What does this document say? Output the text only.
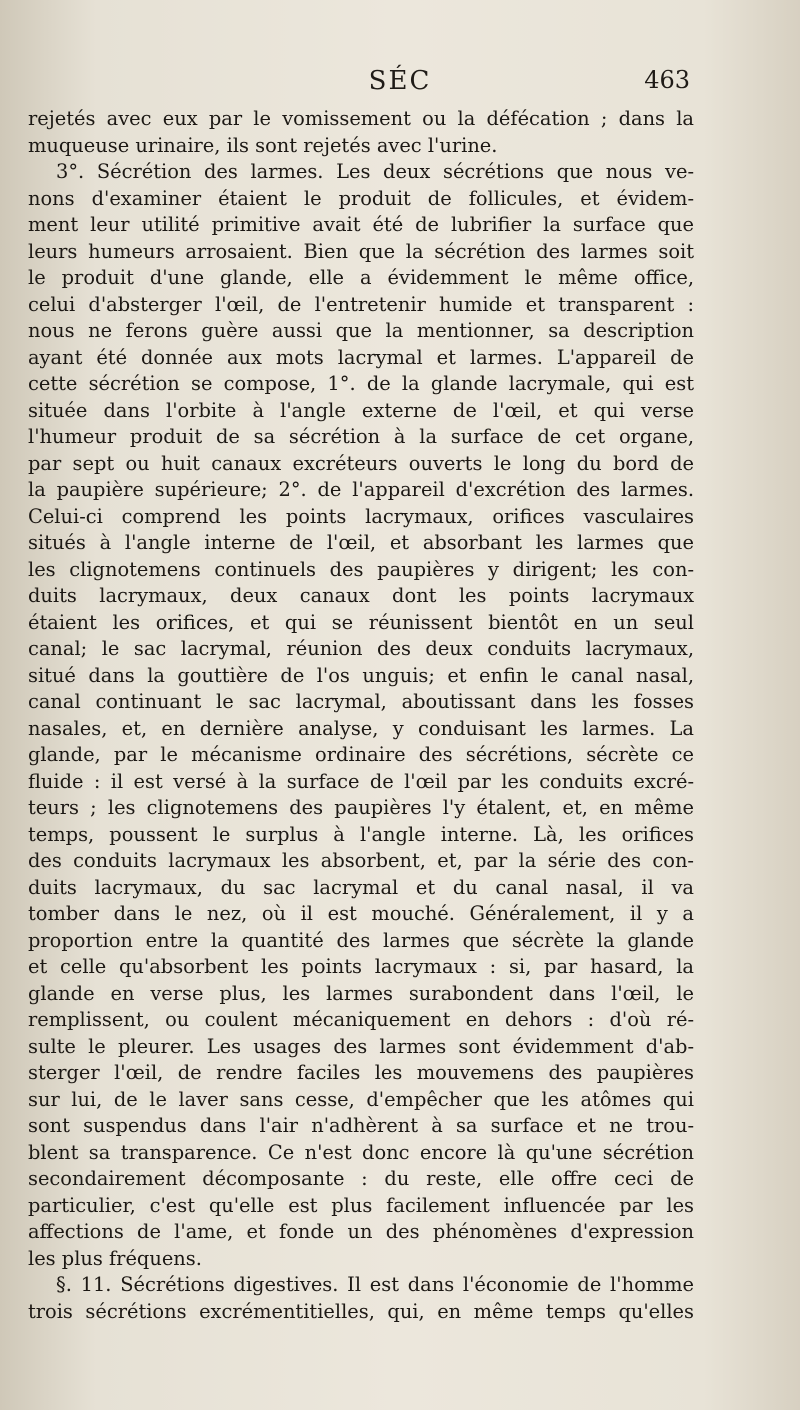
SÉC	463
rejetés avec eux par le vomissement ou la défécation ; dans la
muqueuse urinaire, ils sont rejetés avec l'urine.
3°. Sécrétion des larmes. Les deux sécrétions que nous ve-
nons d'examiner étaient le produit de follicules, et évidem-
ment leur utilité primitive avait été de lubrifier la surface que
leurs humeurs arrosaient. Bien que la sécrétion des larmes soit
le produit d'une glande, elle a évidemment le même office,
celui d'absterger l'œil, de l'entretenir humide et transparent :
nous ne ferons guère aussi que la mentionner, sa description
ayant été donnée aux mots lacrymal et larmes. L'appareil de
cette sécrétion se compose, 1°. de la glande lacrymale, qui est
située dans l'orbite à l'angle externe de l'œil, et qui verse
l'humeur produit de sa sécrétion à la surface de cet organe,
par sept ou huit canaux excréteurs ouverts le long du bord de
la paupière supérieure; 2°. de l'appareil d'excrétion des larmes.
Celui-ci comprend les points lacrymaux, orifices vasculaires
situés à l'angle interne de l'œil, et absorbant les larmes que
les clignotemens continuels des paupières y dirigent; les con-
duits lacrymaux, deux canaux dont les points lacrymaux
étaient les orifices, et qui se réunissent bientôt en un seul
canal; le sac lacrymal, réunion des deux conduits lacrymaux,
situé dans la gouttière de l'os unguis; et enfin le canal nasal,
canal continuant le sac lacrymal, aboutissant dans les fosses
nasales, et, en dernière analyse, y conduisant les larmes. La
glande, par le mécanisme ordinaire des sécrétions, sécrète ce
fluide : il est versé à la surface de l'œil par les conduits excré-
teurs ; les clignotemens des paupières l'y étalent, et, en même
temps, poussent le surplus à l'angle interne. Là, les orifices
des conduits lacrymaux les absorbent, et, par la série des con-
duits lacrymaux, du sac lacrymal et du canal nasal, il va
tomber dans le nez, où il est mouché. Généralement, il y a
proportion entre la quantité des larmes que sécrète la glande
et celle qu'absorbent les points lacrymaux : si, par hasard, la
glande en verse plus, les larmes surabondent dans l'œil, le
remplissent, ou coulent mécaniquement en dehors : d'où ré-
sulte le pleurer. Les usages des larmes sont évidemment d'ab-
sterger l'œil, de rendre faciles les mouvemens des paupières
sur lui, de le laver sans cesse, d'empêcher que les atômes qui
sont suspendus dans l'air n'adhèrent à sa surface et ne trou-
blent sa transparence. Ce n'est donc encore là qu'une sécrétion
secondairement décomposante : du reste, elle offre ceci de
particulier, c'est qu'elle est plus facilement influencée par les
affections de l'ame, et fonde un des phénomènes d'expression
les plus fréquens.
§. 11. Sécrétions digestives. Il est dans l'économie de l'homme
trois sécrétions excrémentitielles, qui, en même temps qu'elles
